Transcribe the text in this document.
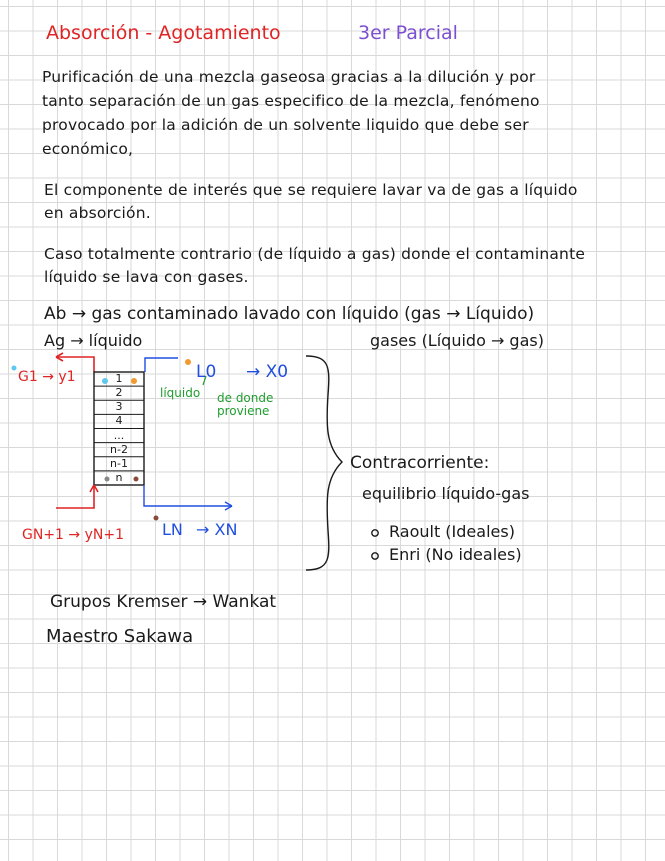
Absorción - Agotamiento	3er Parcial
Purificación de una mezcla gaseosa gracias a la dilución y por
tanto separación de un gas especifico de la mezcla, fenómeno
provocado por la adición de un solvente liquido que debe ser
económico,
El componente de interés que se requiere lavar va de gas a líquido
en absorción.
Caso totalmente contrario (de líquido a gas) donde el contaminante
líquido se lava con gases.
Ab → gas contaminado lavado con líquido (gas → Líquido)
Ag → líquido	gases (Líquido → gas)
1
2
3
4
...
n-2
n-1
n
G1 → y1	L0 → X0
líquido de donde
proviene
GN+1 → yN+1 LN → XN
Contracorriente:
equilibrio líquido-gas
Raoult (Ideales)
Enri (No ideales)
Grupos Kremser → Wankat
Maestro Sakawa
